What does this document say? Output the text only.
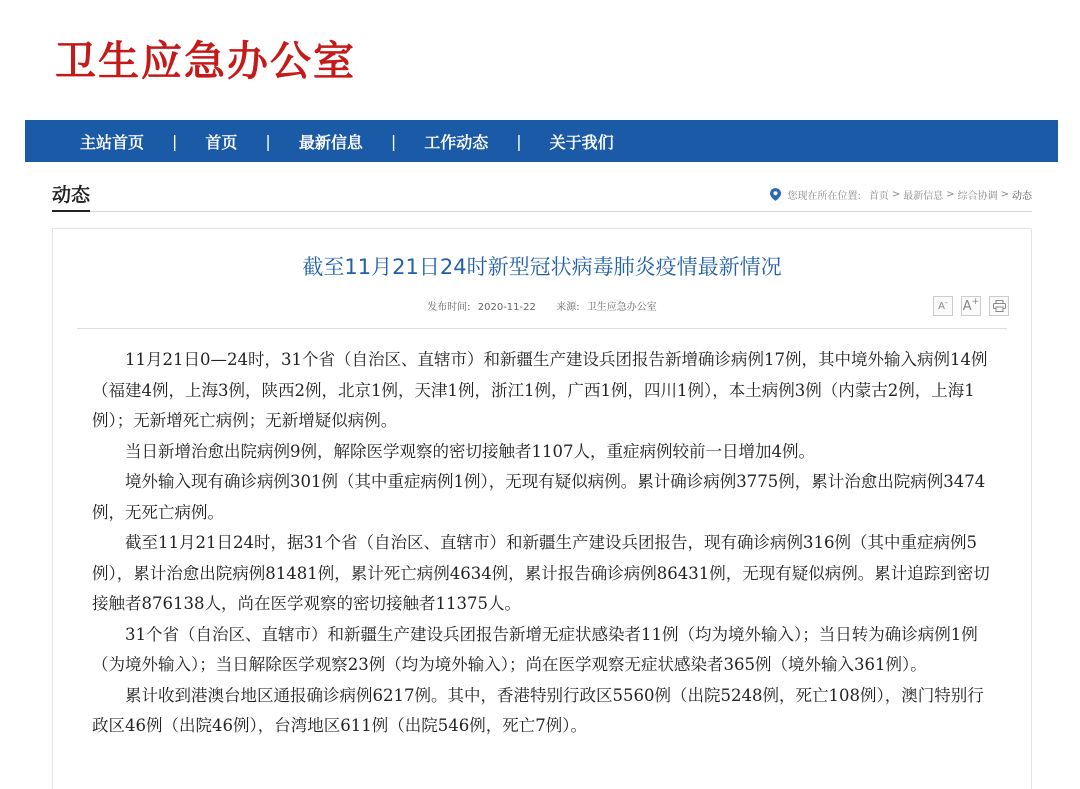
卫生应急办公室
主站首页 | 首页 | 最新信息 | 工作动态 | 关于我们
动态	您现在所在位置: 首页 > 最新信息 > 综合协调 > 动态
截至11月21日24时新型冠状病毒肺炎疫情最新情况
发布时间: 2020-11-22 来源: 卫生应急办公室	A - A +

11月21日0—24时，31个省（自治区、直辖市）和新疆生产建设兵团报告新增确诊病例17例，其中境外输入病例14例（福建4例，上海3例，陕西2例，北京1例，天津1例，浙江1例，广西1例，四川1例），本土病例3例（内蒙古2例，上海1例）；无新增死亡病例；无新增疑似病例。

当日新增治愈出院病例9例，解除医学观察的密切接触者1107人，重症病例较前一日增加4例。

境外输入现有确诊病例301例（其中重症病例1例），无现有疑似病例。累计确诊病例3775例，累计治愈出院病例3474例，无死亡病例。

截至11月21日24时，据31个省（自治区、直辖市）和新疆生产建设兵团报告，现有确诊病例316例（其中重症病例5例），累计治愈出院病例81481例，累计死亡病例4634例，累计报告确诊病例86431例，无现有疑似病例。累计追踪到密切接触者876138人，尚在医学观察的密切接触者11375人。

31个省（自治区、直辖市）和新疆生产建设兵团报告新增无症状感染者11例（均为境外输入）；当日转为确诊病例1例（为境外输入）；当日解除医学观察23例（均为境外输入）；尚在医学观察无症状感染者365例（境外输入361例）。

累计收到港澳台地区通报确诊病例6217例。其中，香港特别行政区5560例（出院5248例，死亡108例），澳门特别行政区46例（出院46例），台湾地区611例（出院546例，死亡7例）。
